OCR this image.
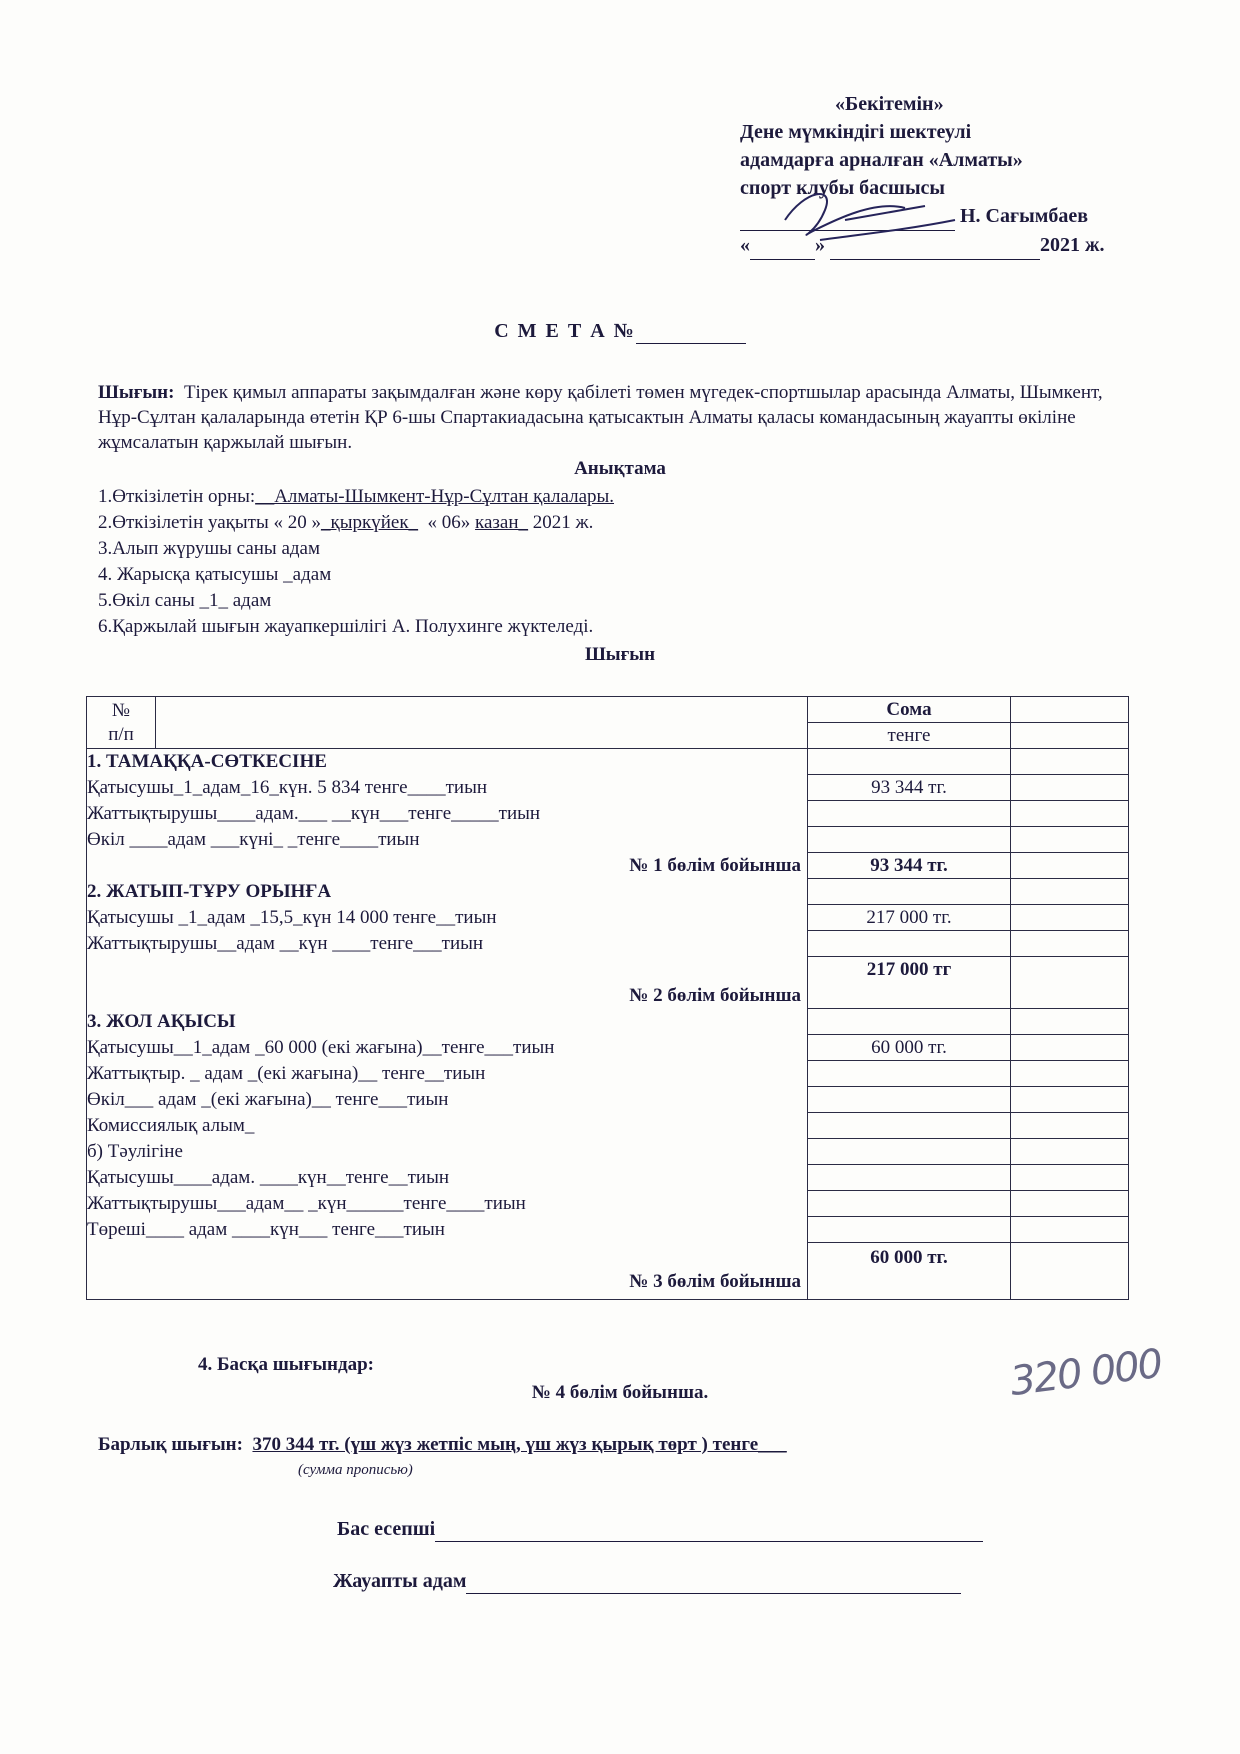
«Бекітемін»
Дене мүмкіндігі шектеулі
адамдарға арналған «Алматы»
спорт клубы басшысы
Н. Сағымбаев
«	»	2021 ж.
С М Е Т А №
Шығын: Тірек қимыл аппараты зақымдалған және көру қабілеті төмен мүгедек-спортшылар арасында Алматы, Шымкент, Нұр-Сұлтан қалаларында өтетін ҚР 6-шы Спартакиадасына қатысактын Алматы қаласы командасының жауапты өкіліне жұмсалатын қаржылай шығын.
Анықтама
1.Өткізілетін орны:__Алматы-Шымкент-Нұр-Сұлтан қалалары.
2.Өткізілетін уақыты « 20 »_қыркүйек_ « 06» казан_ 2021 ж.
3.Алып жүрушы саны адам
4. Жарысқа қатысушы _адам
5.Өкіл саны _1_ адам
6.Қаржылай шығын жауапкершілігі А. Полухинге жүктеледі.
Шығын
№
п/п		Сома	
		тенге	
1. ТАМАҚҚА-СӨТКЕСІНЕ			
Қатысушы_1_адам_16_күн. 5 834 тенге____тиын		93 344 тг.	
Жаттықтырушы____адам.___ __күн___тенге_____тиын			
Өкіл ____адам ___күні_ _тенге____тиын			
№ 1 бөлім бойынша		93 344 тг.	
2. ЖАТЫП-ТҰРУ ОРЫНҒА			
Қатысушы _1_адам _15,5_күн 14 000 тенге__тиын		217 000 тг.	
Жаттықтырушы__адам __күн ____тенге___тиын			
№ 2 бөлім бойынша		217 000 тг	
3. ЖОЛ АҚЫСЫ			
Қатысушы__1_адам _60 000 (екі жағына)__тенге___тиын		60 000 тг.	
Жаттықтыр. _ адам _(екі жағына)__ тенге__тиын			
Өкіл___ адам _(екі жағына)__ тенге___тиын			
Комиссиялық алым_			
б) Тәулігіне			
Қатысушы____адам. ____күн__тенге__тиын			
Жаттықтырушы___адам__ _күн______тенге____тиын			
Төреші____ адам ____күн___ тенге___тиын			
№ 3 бөлім бойынша		60 000 тг.	
4. Басқа шығындар:
№ 4 бөлім бойынша.	320 000
Барлық шығын: 370 344 тг. (үш жүз жетпіс мың, үш жүз қырық төрт ) тенге___
(сумма прописью)
Бас есепші
Жауапты адам
